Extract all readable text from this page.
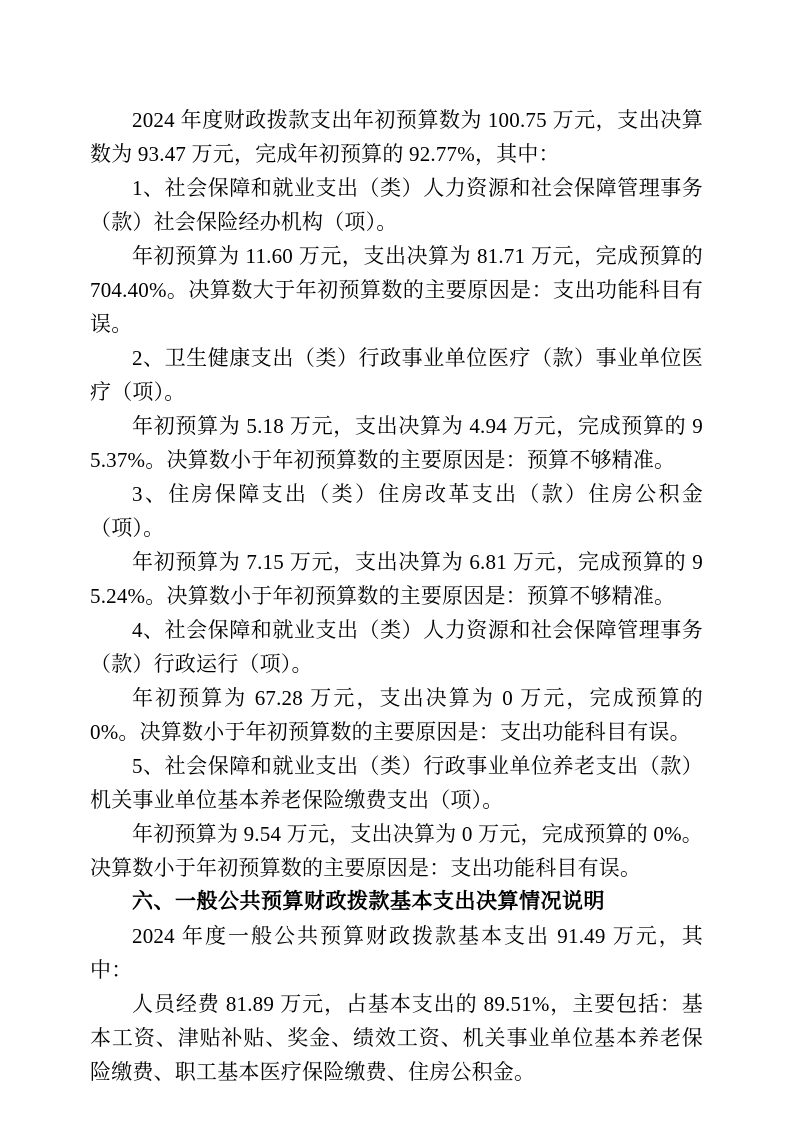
2024 年度财政拨款支出年初预算数为 100.75 万元，支出决算数为 93.47 万元，完成年初预算的 92.77%，其中：

1、社会保障和就业支出（类）人力资源和社会保障管理事务（款）社会保险经办机构（项）。

年初预算为 11.60 万元，支出决算为 81.71 万元，完成预算的 704.40%。决算数大于年初预算数的主要原因是：支出功能科目有误。

2、卫生健康支出（类）行政事业单位医疗（款）事业单位医疗（项）。

年初预算为 5.18 万元，支出决算为 4.94 万元，完成预算的 95.37%。决算数小于年初预算数的主要原因是：预算不够精准。

3、住房保障支出（类）住房改革支出（款）住房公积金（项）。

年初预算为 7.15 万元，支出决算为 6.81 万元，完成预算的 95.24%。决算数小于年初预算数的主要原因是：预算不够精准。

4、社会保障和就业支出（类）人力资源和社会保障管理事务（款）行政运行（项）。

年初预算为 67.28 万元，支出决算为 0 万元，完成预算的 0%。决算数小于年初预算数的主要原因是：支出功能科目有误。

5、社会保障和就业支出（类）行政事业单位养老支出（款）机关事业单位基本养老保险缴费支出（项）。

年初预算为 9.54 万元，支出决算为 0 万元，完成预算的 0%。决算数小于年初预算数的主要原因是：支出功能科目有误。

六、一般公共预算财政拨款基本支出决算情况说明

2024 年度一般公共预算财政拨款基本支出 91.49 万元，其中：

人员经费 81.89 万元，占基本支出的 89.51%，主要包括：基本工资、津贴补贴、奖金、绩效工资、机关事业单位基本养老保险缴费、职工基本医疗保险缴费、住房公积金。
